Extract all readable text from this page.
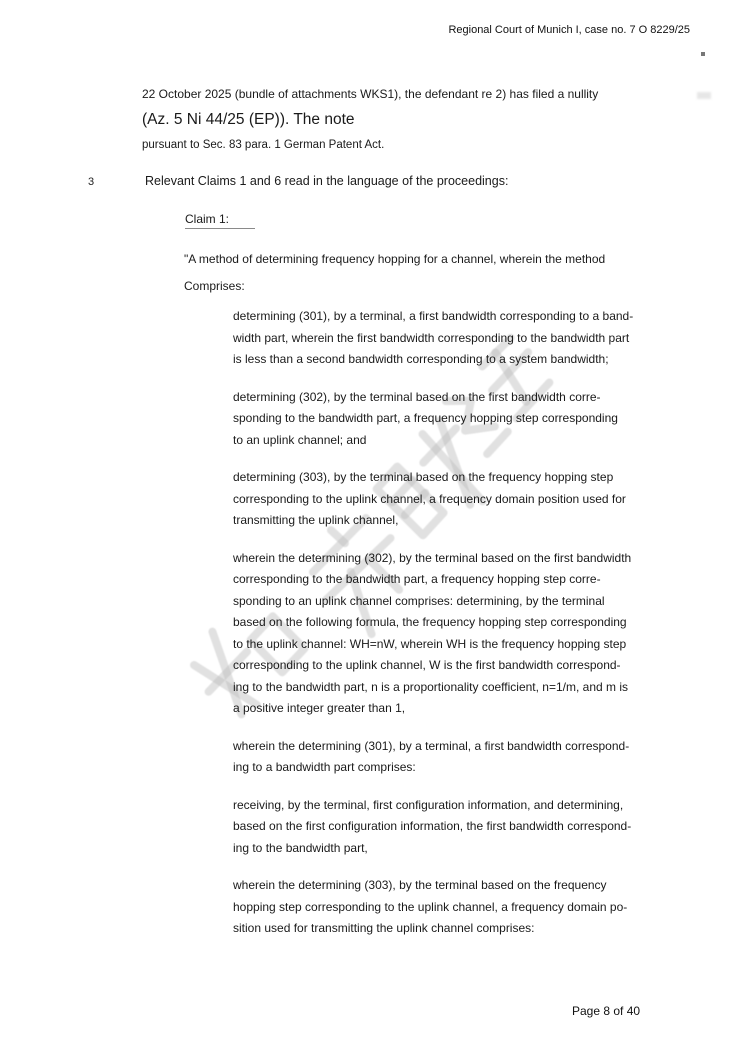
Regional Court of Munich I, case no. 7 O 8229/25
22 October 2025 (bundle of attachments WKS1), the defendant re 2) has filed a nullity
(Az. 5 Ni 44/25 (EP)). The note
pursuant to Sec. 83 para. 1 German Patent Act.
3	Relevant Claims 1 and 6 read in the language of the proceedings:
Claim 1:
"A method of determining frequency hopping for a channel, wherein the method
Comprises:
determining (301), by a terminal, a first bandwidth corresponding to a band-
width part, wherein the first bandwidth corresponding to the bandwidth part
is less than a second bandwidth corresponding to a system bandwidth;
determining (302), by the terminal based on the first bandwidth corre-
sponding to the bandwidth part, a frequency hopping step corresponding
to an uplink channel; and
determining (303), by the terminal based on the frequency hopping step
corresponding to the uplink channel, a frequency domain position used for
transmitting the uplink channel,
wherein the determining (302), by the terminal based on the first bandwidth
corresponding to the bandwidth part, a frequency hopping step corre-
sponding to an uplink channel comprises: determining, by the terminal
based on the following formula, the frequency hopping step corresponding
to the uplink channel: WH=nW, wherein WH is the frequency hopping step
corresponding to the uplink channel, W is the first bandwidth correspond-
ing to the bandwidth part, n is a proportionality coefficient, n=1/m, and m is
a positive integer greater than 1,
wherein the determining (301), by a terminal, a first bandwidth correspond-
ing to a bandwidth part comprises:
receiving, by the terminal, first configuration information, and determining,
based on the first configuration information, the first bandwidth correspond-
ing to the bandwidth part,
wherein the determining (303), by the terminal based on the frequency
hopping step corresponding to the uplink channel, a frequency domain po-
sition used for transmitting the uplink channel comprises:
Page 8 of 40
